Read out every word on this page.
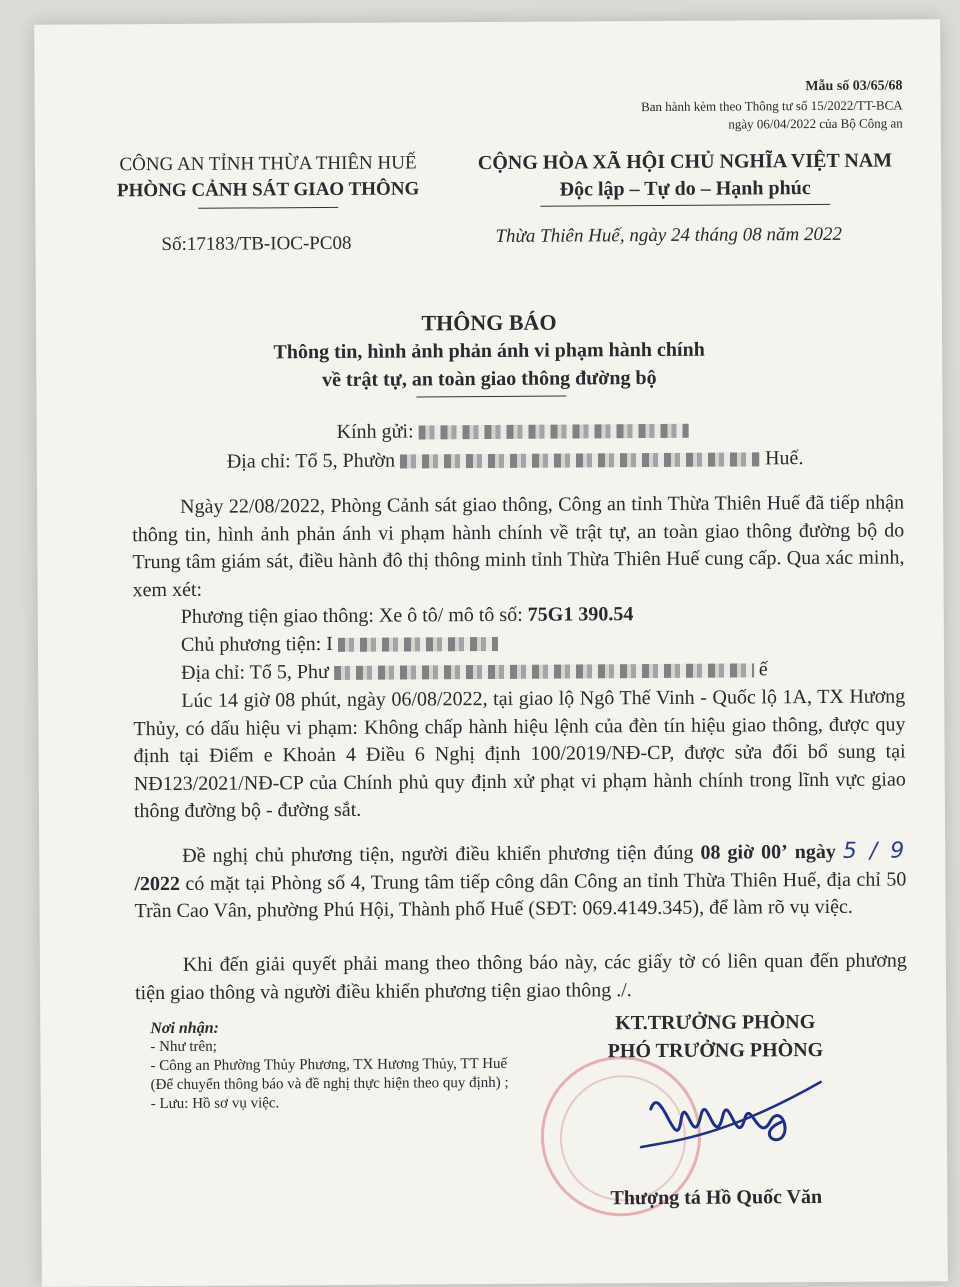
Mẫu số 03/65/68
Ban hành kèm theo Thông tư số 15/2022/TT-BCA
ngày 06/04/2022 của Bộ Công an
CÔNG AN TỈNH THỪA THIÊN HUẾ
PHÒNG CẢNH SÁT GIAO THÔNG
Số:17183/TB-IOC-PC08
CỘNG HÒA XÃ HỘI CHỦ NGHĨA VIỆT NAM
Độc lập – Tự do – Hạnh phúc
Thừa Thiên Huế, ngày 24 tháng 08 năm 2022
THÔNG BÁO
Thông tin, hình ảnh phản ánh vi phạm hành chính
về trật tự, an toàn giao thông đường bộ
Kính gửi:
Địa chỉ: Tổ 5, Phườn	Huế.

Ngày 22/08/2022, Phòng Cảnh sát giao thông, Công an tỉnh Thừa Thiên Huế đã tiếp nhận thông tin, hình ảnh phản ánh vi phạm hành chính về trật tự, an toàn giao thông đường bộ do Trung tâm giám sát, điều hành đô thị thông minh tỉnh Thừa Thiên Huế cung cấp. Qua xác minh, xem xét:

Phương tiện giao thông: Xe ô tô/ mô tô số: 75G1 390.54
Chủ phương tiện: I
Địa chỉ: Tổ 5, Phư	ế

Lúc 14 giờ 08 phút, ngày 06/08/2022, tại giao lộ Ngô Thế Vinh - Quốc lộ 1A, TX Hương Thủy, có dấu hiệu vi phạm: Không chấp hành hiệu lệnh của đèn tín hiệu giao thông, được quy định tại Điểm e Khoản 4 Điều 6 Nghị định 100/2019/NĐ-CP, được sửa đổi bổ sung tại NĐ123/2021/NĐ-CP của Chính phủ quy định xử phạt vi phạm hành chính trong lĩnh vực giao thông đường bộ - đường sắt.

Đề nghị chủ phương tiện, người điều khiển phương tiện đúng 08 giờ 00’ ngày 5 / 9 /2022 có mặt tại Phòng số 4, Trung tâm tiếp công dân Công an tỉnh Thừa Thiên Huế, địa chỉ 50 Trần Cao Vân, phường Phú Hội, Thành phố Huế (SĐT: 069.4149.345), để làm rõ vụ việc.

Khi đến giải quyết phải mang theo thông báo này, các giấy tờ có liên quan đến phương tiện giao thông và người điều khiển phương tiện giao thông ./.

Nơi nhận:
- Như trên;
- Công an Phường Thủy Phương, TX Hương Thủy, TT Huế (Để chuyển thông báo và đề nghị thực hiện theo quy định) ;
- Lưu: Hồ sơ vụ việc.
KT.TRƯỞNG PHÒNG
PHÓ TRƯỞNG PHÒNG
Thượng tá Hồ Quốc Văn
